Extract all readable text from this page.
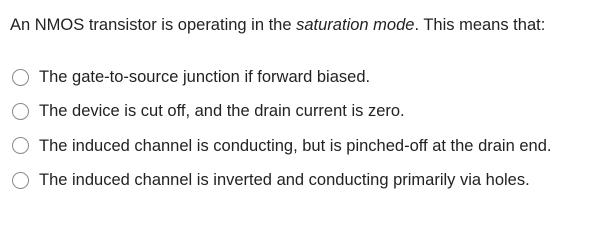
An NMOS transistor is operating in the saturation mode. This means that:
The gate-to-source junction if forward biased.
The device is cut off, and the drain current is zero.
The induced channel is conducting, but is pinched-off at the drain end.
The induced channel is inverted and conducting primarily via holes.
